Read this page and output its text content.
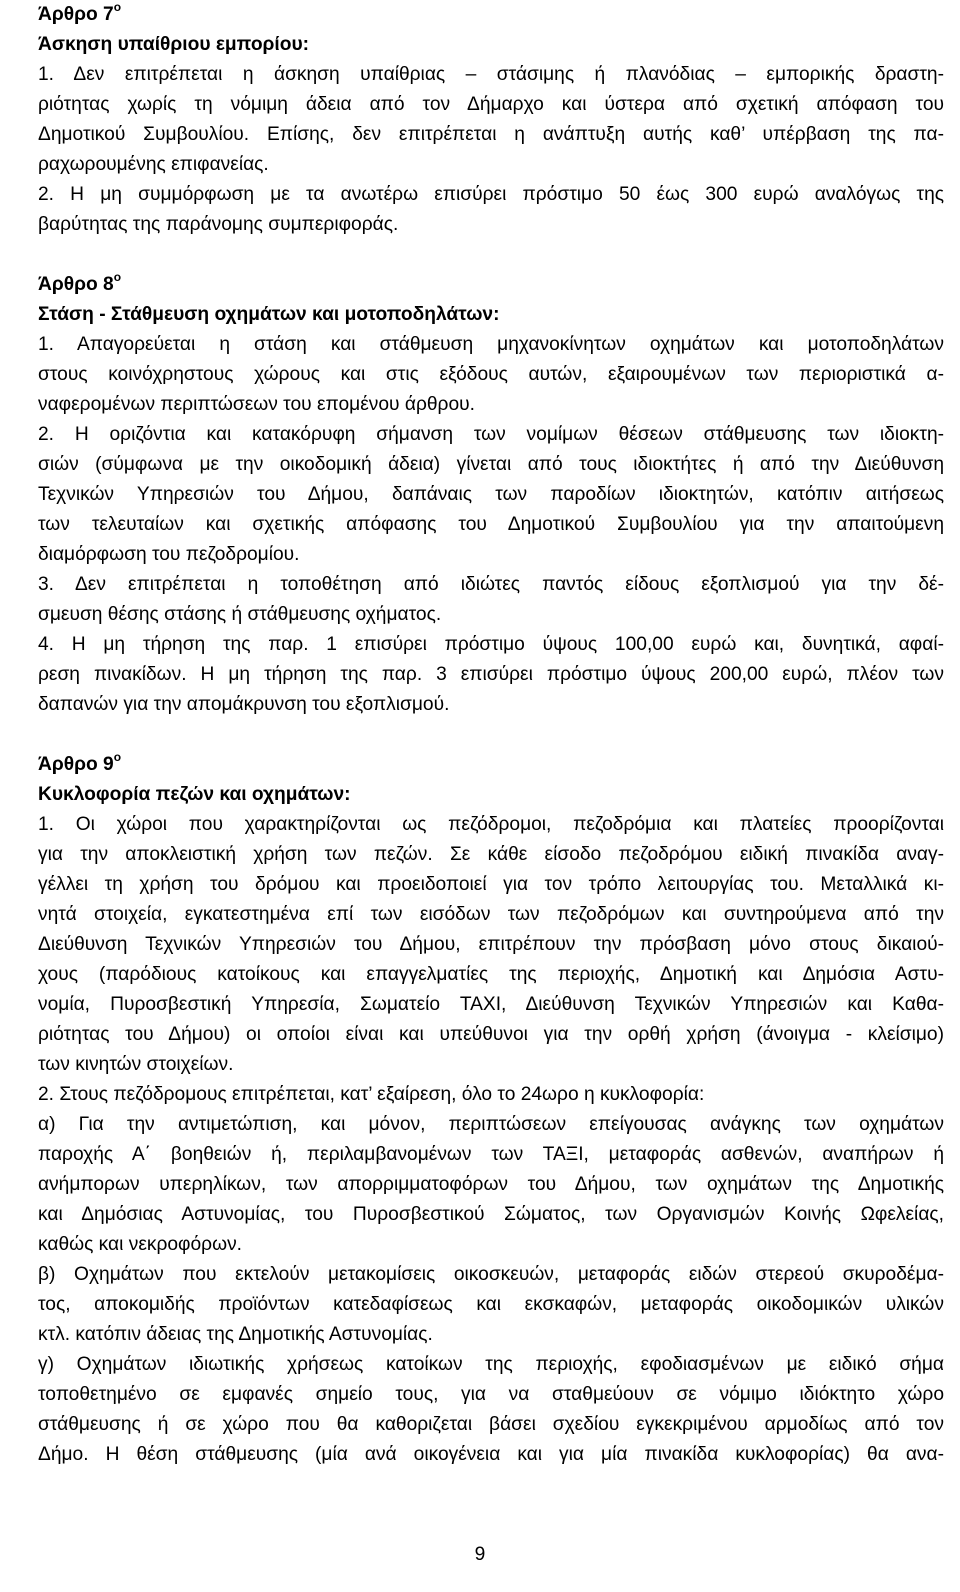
Άρθρο $7^o$
Άσκηση υπαίθριου εμπορίου:
1. Δεν επιτρέπεται η άσκηση υπαίθριας – στάσιμης ή πλανόδιας – εμπορικής δραστη-
ριότητας χωρίς τη νόμιμη άδεια από τον Δήμαρχο και ύστερα από σχετική απόφαση του
Δημοτικού Συμβουλίου. Επίσης, δεν επιτρέπεται η ανάπτυξη αυτής καθ’ υπέρβαση της πα-
ραχωρουμένης επιφανείας.
2. Η μη συμμόρφωση με τα ανωτέρω επισύρει πρόστιμο 50 έως 300 ευρώ αναλόγως της
βαρύτητας της παράνομης συμπεριφοράς.
Άρθρο $8^o$
Στάση - Στάθμευση οχημάτων και μοτοποδηλάτων:
1. Απαγορεύεται η στάση και στάθμευση μηχανοκίνητων οχημάτων και μοτοποδηλάτων
στους κοινόχρηστους χώρους και στις εξόδους αυτών, εξαιρουμένων των περιοριστικά α-
ναφερομένων περιπτώσεων του επομένου άρθρου.
2. Η οριζόντια και κατακόρυφη σήμανση των νομίμων θέσεων στάθμευσης των ιδιοκτη-
σιών (σύμφωνα με την οικοδομική άδεια) γίνεται από τους ιδιοκτήτες ή από την Διεύθυνση
Τεχνικών Υπηρεσιών του Δήμου, δαπάναις των παροδίων ιδιοκτητών, κατόπιν αιτήσεως
των τελευταίων και σχετικής απόφασης του Δημοτικού Συμβουλίου για την απαιτούμενη
διαμόρφωση του πεζοδρομίου.
3. Δεν επιτρέπεται η τοποθέτηση από ιδιώτες παντός είδους εξοπλισμού για την δέ-
σμευση θέσης στάσης ή στάθμευσης οχήματος.
4. Η μη τήρηση της παρ. 1 επισύρει πρόστιμο ύψους 100,00 ευρώ και, δυνητικά, αφαί-
ρεση πινακίδων. Η μη τήρηση της παρ. 3 επισύρει πρόστιμο ύψους 200,00 ευρώ, πλέον των
δαπανών για την απομάκρυνση του εξοπλισμού.
Άρθρο $9^o$
Κυκλοφορία πεζών και οχημάτων:
1. Οι χώροι που χαρακτηρίζονται ως πεζόδρομοι, πεζοδρόμια και πλατείες προορίζονται
για την αποκλειστική χρήση των πεζών. Σε κάθε είσοδο πεζοδρόμου ειδική πινακίδα αναγ-
γέλλει τη χρήση του δρόμου και προειδοποιεί για τον τρόπο λειτουργίας του. Μεταλλικά κι-
νητά στοιχεία, εγκατεστημένα επί των εισόδων των πεζοδρόμων και συντηρούμενα από την
Διεύθυνση Τεχνικών Υπηρεσιών του Δήμου, επιτρέπουν την πρόσβαση μόνο στους δικαιού-
χους (παρόδιους κατοίκους και επαγγελματίες της περιοχής, Δημοτική και Δημόσια Αστυ-
νομία, Πυροσβεστική Υπηρεσία, Σωματείο ΤΑΧΙ, Διεύθυνση Τεχνικών Υπηρεσιών και Καθα-
ριότητας του Δήμου) οι οποίοι είναι και υπεύθυνοι για την ορθή χρήση (άνοιγμα - κλείσιμο)
των κινητών στοιχείων.
2. Στους πεζόδρομους επιτρέπεται, κατ’ εξαίρεση, όλο το 24ωρο η κυκλοφορία:
α) Για την αντιμετώπιση, και μόνον, περιπτώσεων επείγουσας ανάγκης των οχημάτων
παροχής Α΄ βοηθειών ή, περιλαμβανομένων των ΤΑΞΙ, μεταφοράς ασθενών, αναπήρων ή
ανήμπορων υπερηλίκων, των απορριμματοφόρων του Δήμου, των οχημάτων της Δημοτικής
και Δημόσιας Αστυνομίας, του Πυροσβεστικού Σώματος, των Οργανισμών Κοινής Ωφελείας,
καθώς και νεκροφόρων.
β) Οχημάτων που εκτελούν μετακομίσεις οικοσκευών, μεταφοράς ειδών στερεού σκυροδέμα-
τος, αποκομιδής προϊόντων κατεδαφίσεως και εκσκαφών, μεταφοράς οικοδομικών υλικών
κτλ. κατόπιν άδειας της Δημοτικής Αστυνομίας.
γ) Οχημάτων ιδιωτικής χρήσεως κατοίκων της περιοχής, εφοδιασμένων με ειδικό σήμα
τοποθετημένο σε εμφανές σημείο τους, για να σταθμεύουν σε νόμιμο ιδιόκτητο χώρο
στάθμευσης ή σε χώρο που θα καθοριζεται βάσει σχεδίου εγκεκριμένου αρμοδίως από τον
Δήμο. Η θέση στάθμευσης (μία ανά οικογένεια και για μία πινακίδα κυκλοφορίας) θα ανα-
9
